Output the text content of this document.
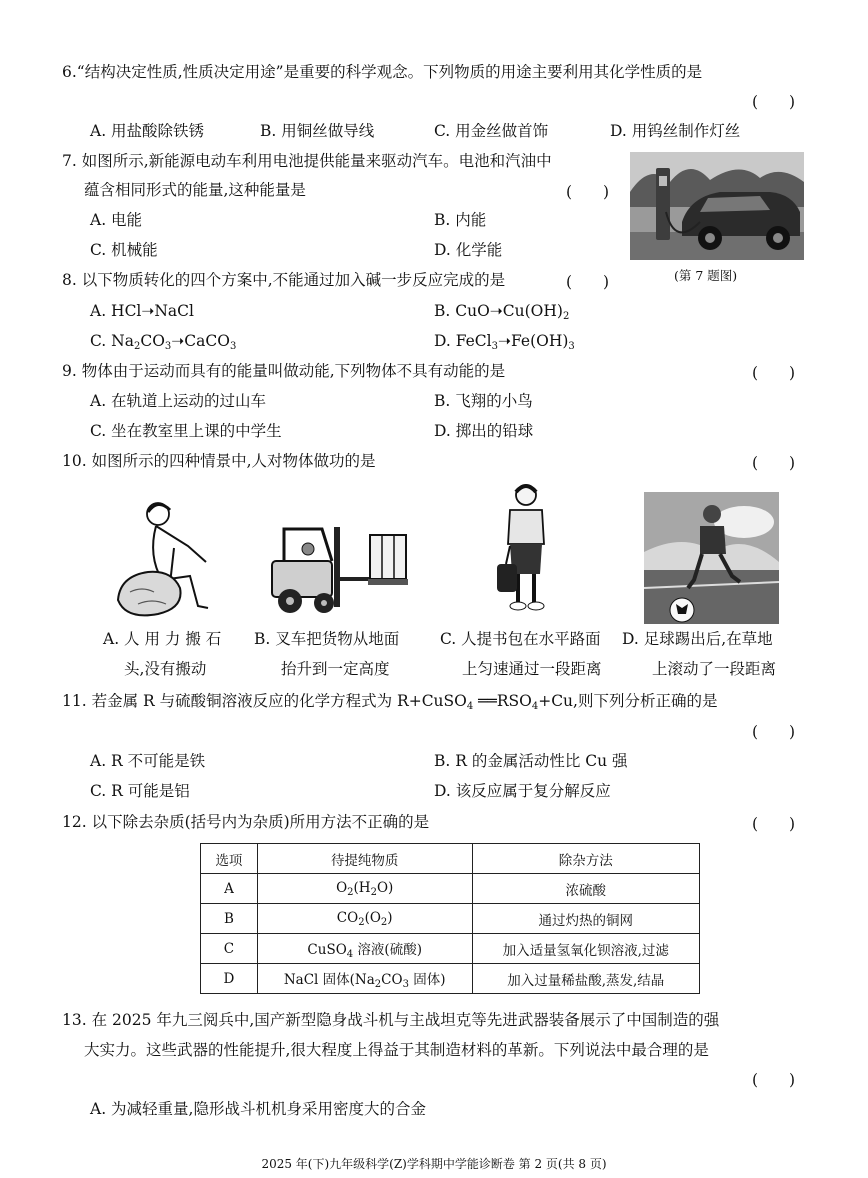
6.“结构决定性质,性质决定用途”是重要的科学观念。下列物质的用途主要利用其化学性质的是
(　　)
A. 用盐酸除铁锈	B. 用铜丝做导线	C. 用金丝做首饰	D. 用钨丝制作灯丝
7. 如图所示,新能源电动车利用电池提供能量来驱动汽车。电池和汽油中
蕴含相同形式的能量,这种能量是	(　　)
A. 电能	B. 内能
C. 机械能	D. 化学能
(第 7 题图)
8. 以下物质转化的四个方案中,不能通过加入碱一步反应完成的是	(　　)
A. HCl➝NaCl	B. $CuO➝Cu(OH)_2$
C. $Na_2CO_3➝CaCO_3$	D. $FeCl_3➝Fe(OH)_3$
9. 物体由于运动而具有的能量叫做动能,下列物体不具有动能的是	(　　)
A. 在轨道上运动的过山车	B. 飞翔的小鸟
C. 坐在教室里上课的中学生	D. 掷出的铅球
10. 如图所示的四种情景中,人对物体做功的是	(　　)
A. 人 用 力 搬 石
头,没有搬动
B. 叉车把货物从地面
抬升到一定高度
C. 人提书包在水平路面
上匀速通过一段距离
D. 足球踢出后,在草地
上滚动了一段距离
11. 若金属 R 与硫酸铜溶液反应的化学方程式为 R+CuSO$_4$ $══RSO_4+Cu$,则下列分析正确的是
(　　)
A. R 不可能是铁	B. R 的金属活动性比 Cu 强
C. R 可能是铝	D. 该反应属于复分解反应
12. 以下除去杂质(括号内为杂质)所用方法不正确的是	(　　)
选项	待提纯物质	除杂方法
A	$O_2(H_2O)$	浓硫酸
B	$CO_2(O_2)$	通过灼热的铜网
C	CuSO$_4$ 溶液(硫酸)	加入适量氢氧化钡溶液,过滤
D	NaCl 固体($Na_2CO_3$ 固体)	加入过量稀盐酸,蒸发,结晶
13. 在 2025 年九三阅兵中,国产新型隐身战斗机与主战坦克等先进武器装备展示了中国制造的强
大实力。这些武器的性能提升,很大程度上得益于其制造材料的革新。下列说法中最合理的是
(　　)
A. 为减轻重量,隐形战斗机机身采用密度大的合金
2025 年(下)九年级科学(Z)学科期中学能诊断卷 第 2 页(共 8 页)
